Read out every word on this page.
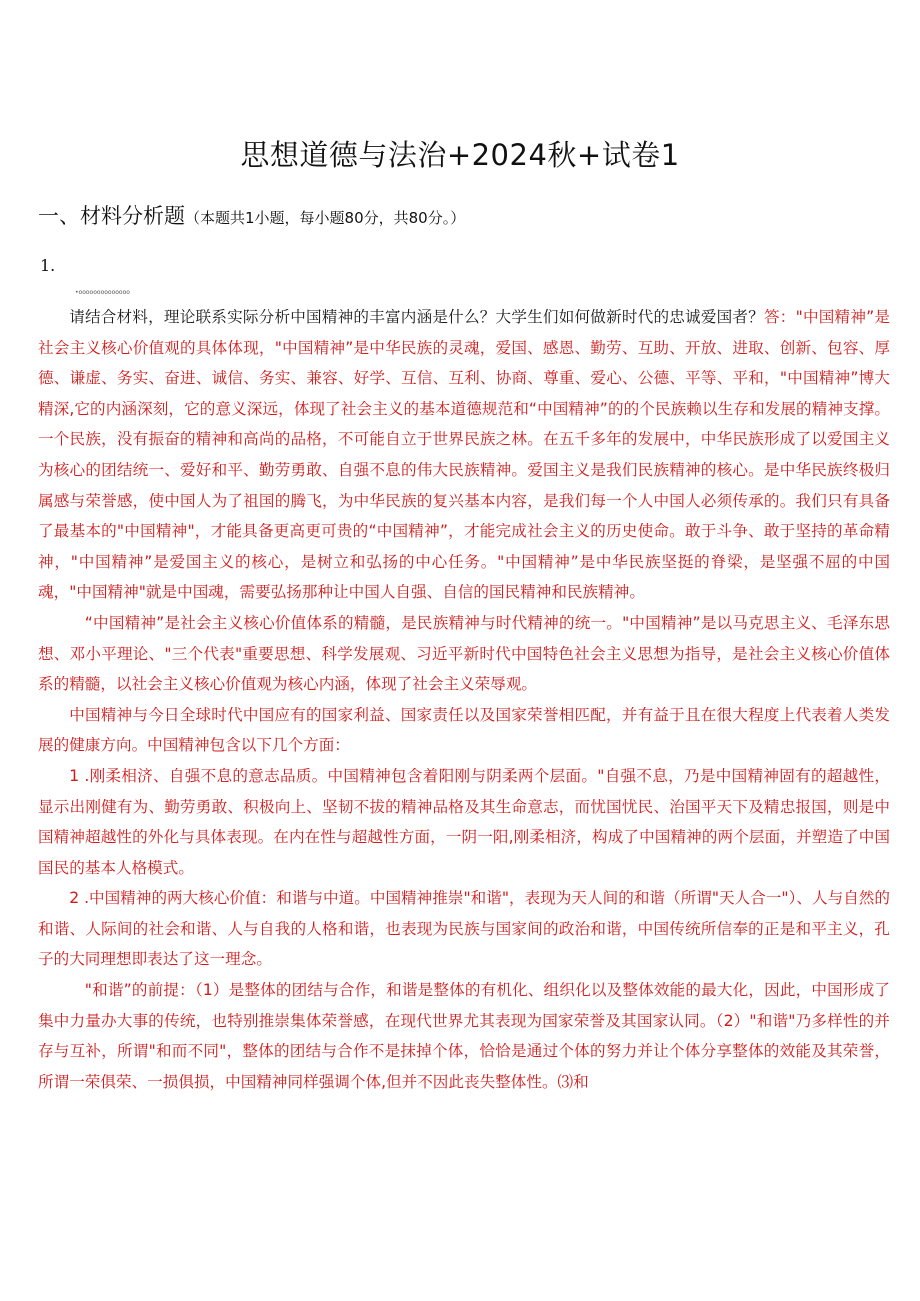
思想道德与法治+2024秋+试卷1
一、材料分析题（本题共1小题，每小题80分，共80分。）
1.
•oooooooooooooo

请结合材料，理论联系实际分析中国精神的丰富内涵是什么？大学生们如何做新时代的忠诚爱国者？答："中国精神”是社会主义核心价值观的具体体现，"中国精神”是中华民族的灵魂，爱国、感恩、勤劳、互助、开放、进取、创新、包容、厚德、谦虚、务实、奋进、诚信、务实、兼容、好学、互信、互利、协商、尊重、爱心、公德、平等、平和，"中国精神”博大精深,它的内涵深刻，它的意义深远，体现了社会主义的基本道德规范和“中国精神”的的个民族赖以生存和发展的精神支撑。一个民族，没有振奋的精神和高尚的品格，不可能自立于世界民族之林。在五千多年的发展中，中华民族形成了以爱国主义为核心的团结统一、爱好和平、勤劳勇敢、自强不息的伟大民族精神。爱国主义是我们民族精神的核心。是中华民族终极归属感与荣誉感，使中国人为了祖国的腾飞，为中华民族的复兴基本内容，是我们每一个人中国人必须传承的。我们只有具备了最基本的"中国精神"，才能具备更高更可贵的“中国精神”，才能完成社会主义的历史使命。敢于斗争、敢于坚持的革命精神，"中国精神”是爱国主义的核心，是树立和弘扬的中心任务。"中国精神”是中华民族坚挺的脊梁，是坚强不屈的中国魂，"中国精神"就是中国魂，需要弘扬那种让中国人自强、自信的国民精神和民族精神。

“中国精神”是社会主义核心价值体系的精髓，是民族精神与时代精神的统一。"中国精神”是以马克思主义、毛泽东思想、邓小平理论、"三个代表"重要思想、科学发展观、习近平新时代中国特色社会主义思想为指导，是社会主义核心价值体系的精髓，以社会主义核心价值观为核心内涵，体现了社会主义荣辱观。

中国精神与今日全球时代中国应有的国家利益、国家责任以及国家荣誉相匹配，并有益于且在很大程度上代表着人类发展的健康方向。中国精神包含以下几个方面：

1 .刚柔相济、自强不息的意志品质。中国精神包含着阳刚与阴柔两个层面。"自强不息，乃是中国精神固有的超越性，显示出刚健有为、勤劳勇敢、积极向上、坚韧不拔的精神品格及其生命意志，而忧国忧民、治国平天下及精忠报国，则是中国精神超越性的外化与具体表现。在内在性与超越性方面，一阴一阳,刚柔相济，构成了中国精神的两个层面，并塑造了中国国民的基本人格模式。

2 .中国精神的两大核心价值：和谐与中道。中国精神推崇"和谐"，表现为天人间的和谐（所谓"天人合一"）、人与自然的和谐、人际间的社会和谐、人与自我的人格和谐，也表现为民族与国家间的政治和谐，中国传统所信奉的正是和平主义，孔子的大同理想即表达了这一理念。

"和谐”的前提：（1）是整体的团结与合作，和谐是整体的有机化、组织化以及整体效能的最大化，因此，中国形成了集中力量办大事的传统，也特别推崇集体荣誉感，在现代世界尤其表现为国家荣誉及其国家认同。（2）"和谐"乃多样性的并存与互补，所谓"和而不同"，整体的团结与合作不是抹掉个体，恰恰是通过个体的努力并让个体分享整体的效能及其荣誉，所谓一荣俱荣、一损俱损，中国精神同样强调个体,但并不因此丧失整体性。⑶和
